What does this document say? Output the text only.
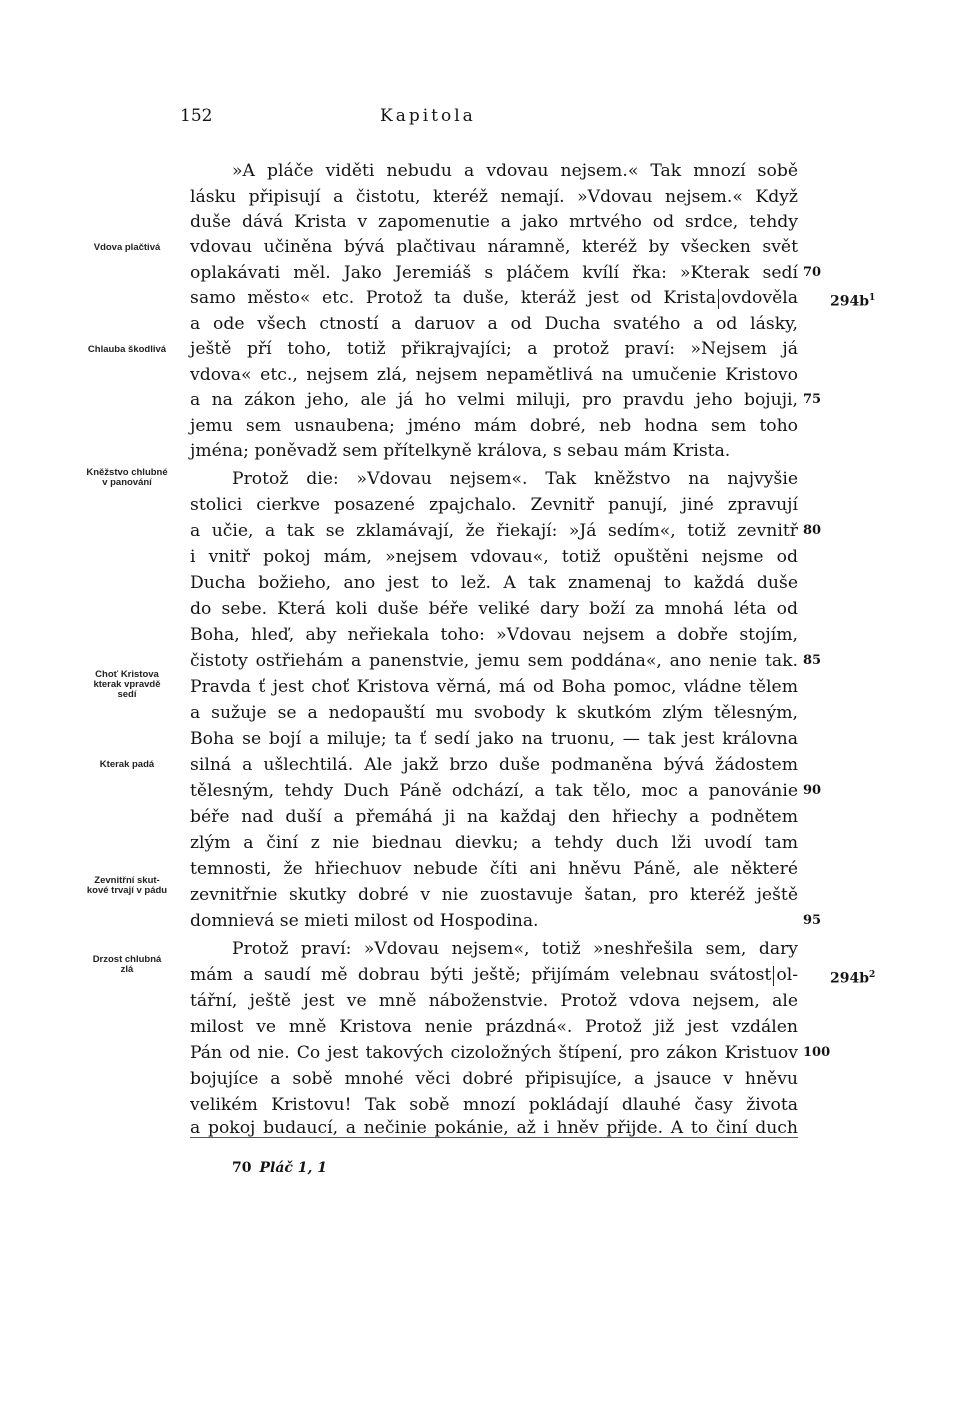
152	Kapitola
»A pláče viděti nebudu a vdovau nejsem.« Tak mnozí sobě
lásku připisují a čistotu, kteréž nemají. »Vdovau nejsem.« Když
duše dává Krista v zapomenutie a jako mrtvého od srdce, tehdy
vdovau učiněna bývá plačtivau náramně, kteréž by všecken svět
oplakávati měl. Jako Jeremiáš s pláčem kvílí řka: »Kterak sedí
samo město« etc. Protož ta duše, kteráž jest od Krista ovdověla
a ode všech ctností a daruov a od Ducha svatého a od lásky,
ještě pří toho, totiž přikrajvajíci; a protož praví: »Nejsem já
vdova« etc., nejsem zlá, nejsem nepamětlivá na umučenie Kristovo
a na zákon jeho, ale já ho velmi miluji, pro pravdu jeho bojuji,
jemu sem usnaubena; jméno mám dobré, neb hodna sem toho
jména; poněvadž sem přítelkyně králova, s sebau mám Krista.
Protož die: »Vdovau nejsem«. Tak kněžstvo na najvyšie
stolici cierkve posazené zpajchalo. Zevnitř panují, jiné zpravují
a učie, a tak se zklamávají, že řiekají: »Já sedím«, totiž zevnitř
i vnitř pokoj mám, »nejsem vdovau«, totiž opuštěni nejsme od
Ducha božieho, ano jest to lež. A tak znamenaj to každá duše
do sebe. Která koli duše béře veliké dary boží za mnohá léta od
Boha, hleď, aby neřiekala toho: »Vdovau nejsem a dobře stojím,
čistoty ostřiehám a panenstvie, jemu sem poddána«, ano nenie tak.
Pravda ť jest choť Kristova věrná, má od Boha pomoc, vládne tělem
a sužuje se a nedopauští mu svobody k skutkóm zlým tělesným,
Boha se bojí a miluje; ta ť sedí jako na truonu, — tak jest královna
silná a ušlechtilá. Ale jakž brzo duše podmaněna bývá žádostem
tělesným, tehdy Duch Páně odchází, a tak tělo, moc a panovánie
béře nad duší a přemáhá ji na každaj den hřiechy a podnětem
zlým a činí z nie biednau dievku; a tehdy duch lži uvodí tam
temnosti, že hřiechuov nebude číti ani hněvu Páně, ale některé
zevnitřnie skutky dobré v nie zuostavuje šatan, pro kteréž ještě
domnievá se mieti milost od Hospodina.
Protož praví: »Vdovau nejsem«, totiž »neshřešila sem, dary
mám a saudí mě dobrau býti ještě; přijímám velebnau svátost ol-
tářní, ještě jest ve mně náboženstvie. Protož vdova nejsem, ale
milost ve mně Kristova nenie prázdná«. Protož již jest vzdálen
Pán od nie. Co jest takových cizoložných štípení, pro zákon Kristuov
bojujíce a sobě mnohé věci dobré připisujíce, a jsauce v hněvu
velikém Kristovu! Tak sobě mnozí pokládají dlauhé časy života
a pokoj budaucí, a nečinie pokánie, až i hněv přijde. A to činí duch
70
75
80
85
90
95
100
$294b^1$
$294b^2$
Vdova plačtivá
Chlauba škodlivá
Kněžstvo chlubné
v panování
Choť Kristova
kterak vpravdě
sedí
Kterak padá
Zevnitřní skut-
kové trvají v pádu
Drzost chlubná
zlá
70 Pláč 1, 1
